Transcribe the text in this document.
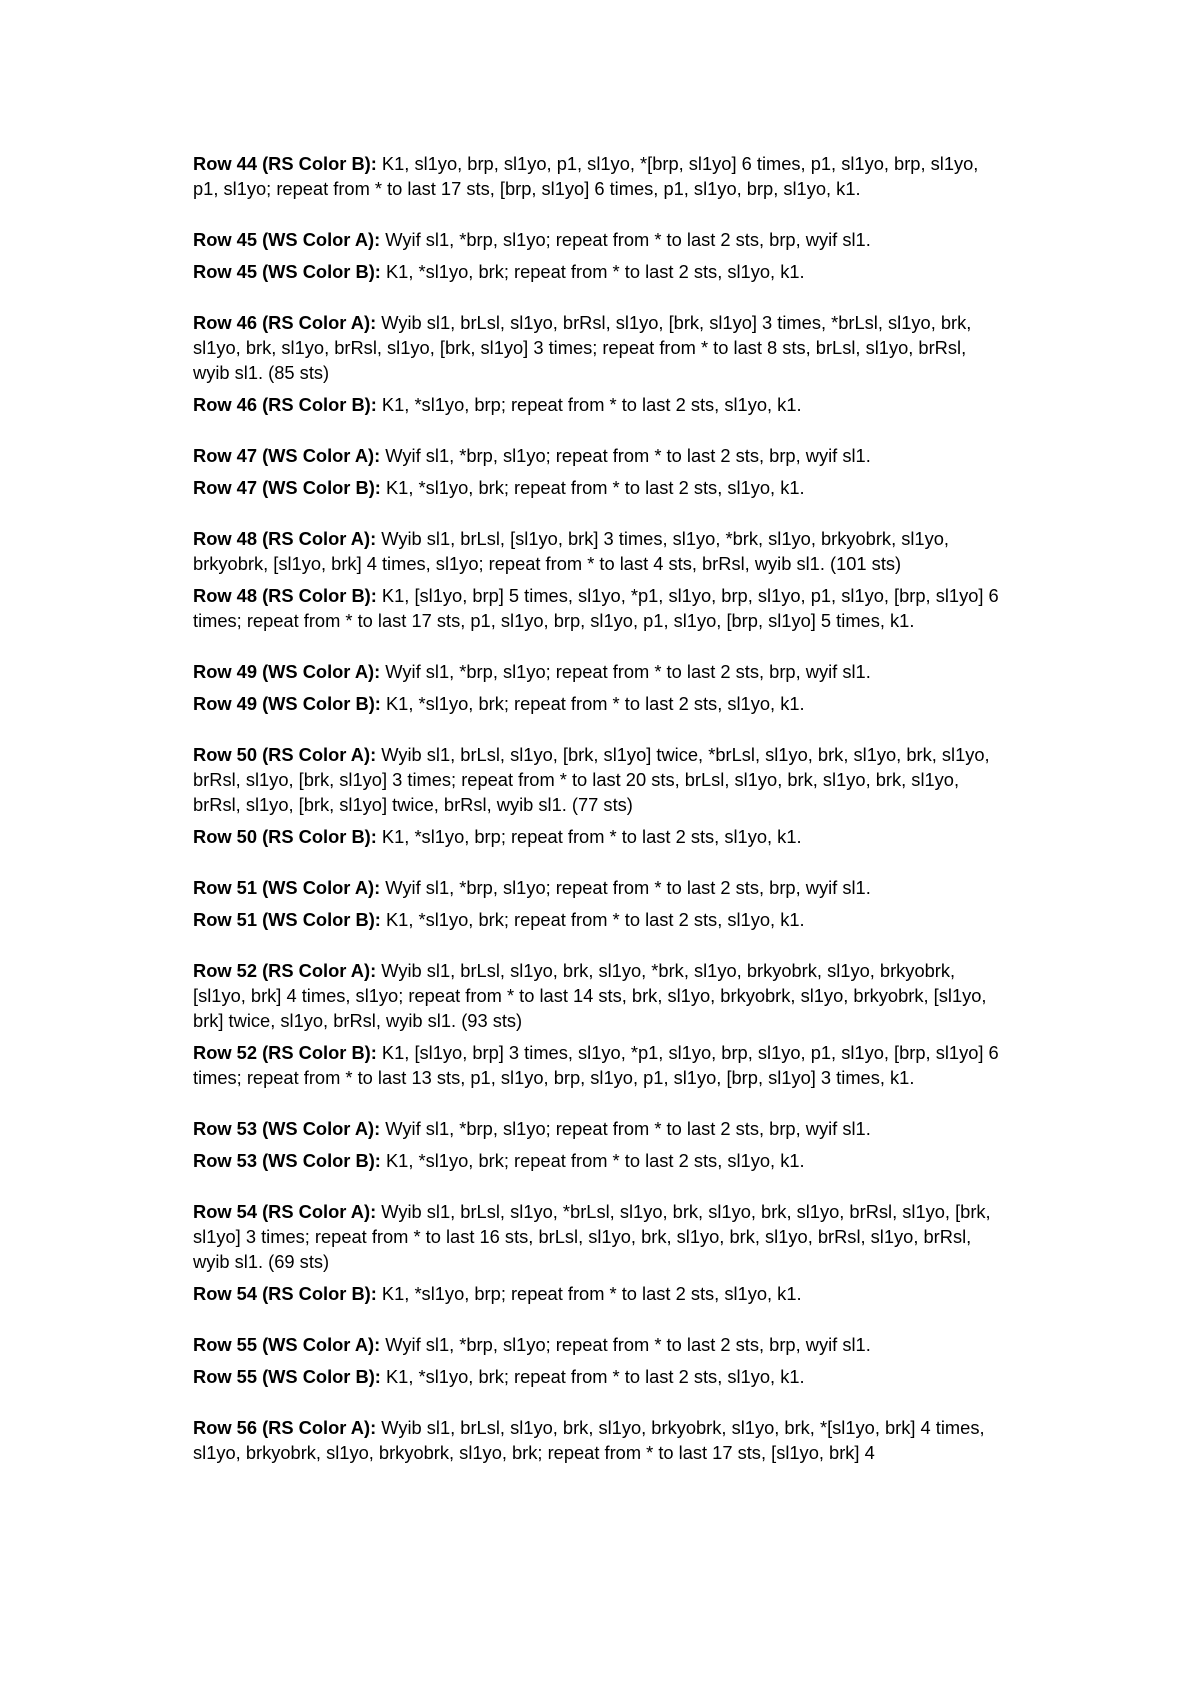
Row 44 (RS Color B): K1, sl1yo, brp, sl1yo, p1, sl1yo, *[brp, sl1yo] 6 times, p1, sl1yo, brp, sl1yo, p1, sl1yo; repeat from * to last 17 sts, [brp, sl1yo] 6 times, p1, sl1yo, brp, sl1yo, k1.

Row 45 (WS Color A): Wyif sl1, *brp, sl1yo; repeat from * to last 2 sts, brp, wyif sl1.

Row 45 (WS Color B): K1, *sl1yo, brk; repeat from * to last 2 sts, sl1yo, k1.

Row 46 (RS Color A): Wyib sl1, brLsl, sl1yo, brRsl, sl1yo, [brk, sl1yo] 3 times, *brLsl, sl1yo, brk, sl1yo, brk, sl1yo, brRsl, sl1yo, [brk, sl1yo] 3 times; repeat from * to last 8 sts, brLsl, sl1yo, brRsl, wyib sl1. (85 sts)

Row 46 (RS Color B): K1, *sl1yo, brp; repeat from * to last 2 sts, sl1yo, k1.

Row 47 (WS Color A): Wyif sl1, *brp, sl1yo; repeat from * to last 2 sts, brp, wyif sl1.

Row 47 (WS Color B): K1, *sl1yo, brk; repeat from * to last 2 sts, sl1yo, k1.

Row 48 (RS Color A): Wyib sl1, brLsl, [sl1yo, brk] 3 times, sl1yo, *brk, sl1yo, brkyobrk, sl1yo, brkyobrk, [sl1yo, brk] 4 times, sl1yo; repeat from * to last 4 sts, brRsl, wyib sl1. (101 sts)

Row 48 (RS Color B): K1, [sl1yo, brp] 5 times, sl1yo, *p1, sl1yo, brp, sl1yo, p1, sl1yo, [brp, sl1yo] 6 times; repeat from * to last 17 sts, p1, sl1yo, brp, sl1yo, p1, sl1yo, [brp, sl1yo] 5 times, k1.

Row 49 (WS Color A): Wyif sl1, *brp, sl1yo; repeat from * to last 2 sts, brp, wyif sl1.

Row 49 (WS Color B): K1, *sl1yo, brk; repeat from * to last 2 sts, sl1yo, k1.

Row 50 (RS Color A): Wyib sl1, brLsl, sl1yo, [brk, sl1yo] twice, *brLsl, sl1yo, brk, sl1yo, brk, sl1yo, brRsl, sl1yo, [brk, sl1yo] 3 times; repeat from * to last 20 sts, brLsl, sl1yo, brk, sl1yo, brk, sl1yo, brRsl, sl1yo, [brk, sl1yo] twice, brRsl, wyib sl1. (77 sts)

Row 50 (RS Color B): K1, *sl1yo, brp; repeat from * to last 2 sts, sl1yo, k1.

Row 51 (WS Color A): Wyif sl1, *brp, sl1yo; repeat from * to last 2 sts, brp, wyif sl1.

Row 51 (WS Color B): K1, *sl1yo, brk; repeat from * to last 2 sts, sl1yo, k1.

Row 52 (RS Color A): Wyib sl1, brLsl, sl1yo, brk, sl1yo, *brk, sl1yo, brkyobrk, sl1yo, brkyobrk, [sl1yo, brk] 4 times, sl1yo; repeat from * to last 14 sts, brk, sl1yo, brkyobrk, sl1yo, brkyobrk, [sl1yo, brk] twice, sl1yo, brRsl, wyib sl1. (93 sts)

Row 52 (RS Color B): K1, [sl1yo, brp] 3 times, sl1yo, *p1, sl1yo, brp, sl1yo, p1, sl1yo, [brp, sl1yo] 6 times; repeat from * to last 13 sts, p1, sl1yo, brp, sl1yo, p1, sl1yo, [brp, sl1yo] 3 times, k1.

Row 53 (WS Color A): Wyif sl1, *brp, sl1yo; repeat from * to last 2 sts, brp, wyif sl1.

Row 53 (WS Color B): K1, *sl1yo, brk; repeat from * to last 2 sts, sl1yo, k1.

Row 54 (RS Color A): Wyib sl1, brLsl, sl1yo, *brLsl, sl1yo, brk, sl1yo, brk, sl1yo, brRsl, sl1yo, [brk, sl1yo] 3 times; repeat from * to last 16 sts, brLsl, sl1yo, brk, sl1yo, brk, sl1yo, brRsl, sl1yo, brRsl, wyib sl1. (69 sts)

Row 54 (RS Color B): K1, *sl1yo, brp; repeat from * to last 2 sts, sl1yo, k1.

Row 55 (WS Color A): Wyif sl1, *brp, sl1yo; repeat from * to last 2 sts, brp, wyif sl1.

Row 55 (WS Color B): K1, *sl1yo, brk; repeat from * to last 2 sts, sl1yo, k1.

Row 56 (RS Color A): Wyib sl1, brLsl, sl1yo, brk, sl1yo, brkyobrk, sl1yo, brk, *[sl1yo, brk] 4 times, sl1yo, brkyobrk, sl1yo, brkyobrk, sl1yo, brk; repeat from * to last 17 sts, [sl1yo, brk] 4
